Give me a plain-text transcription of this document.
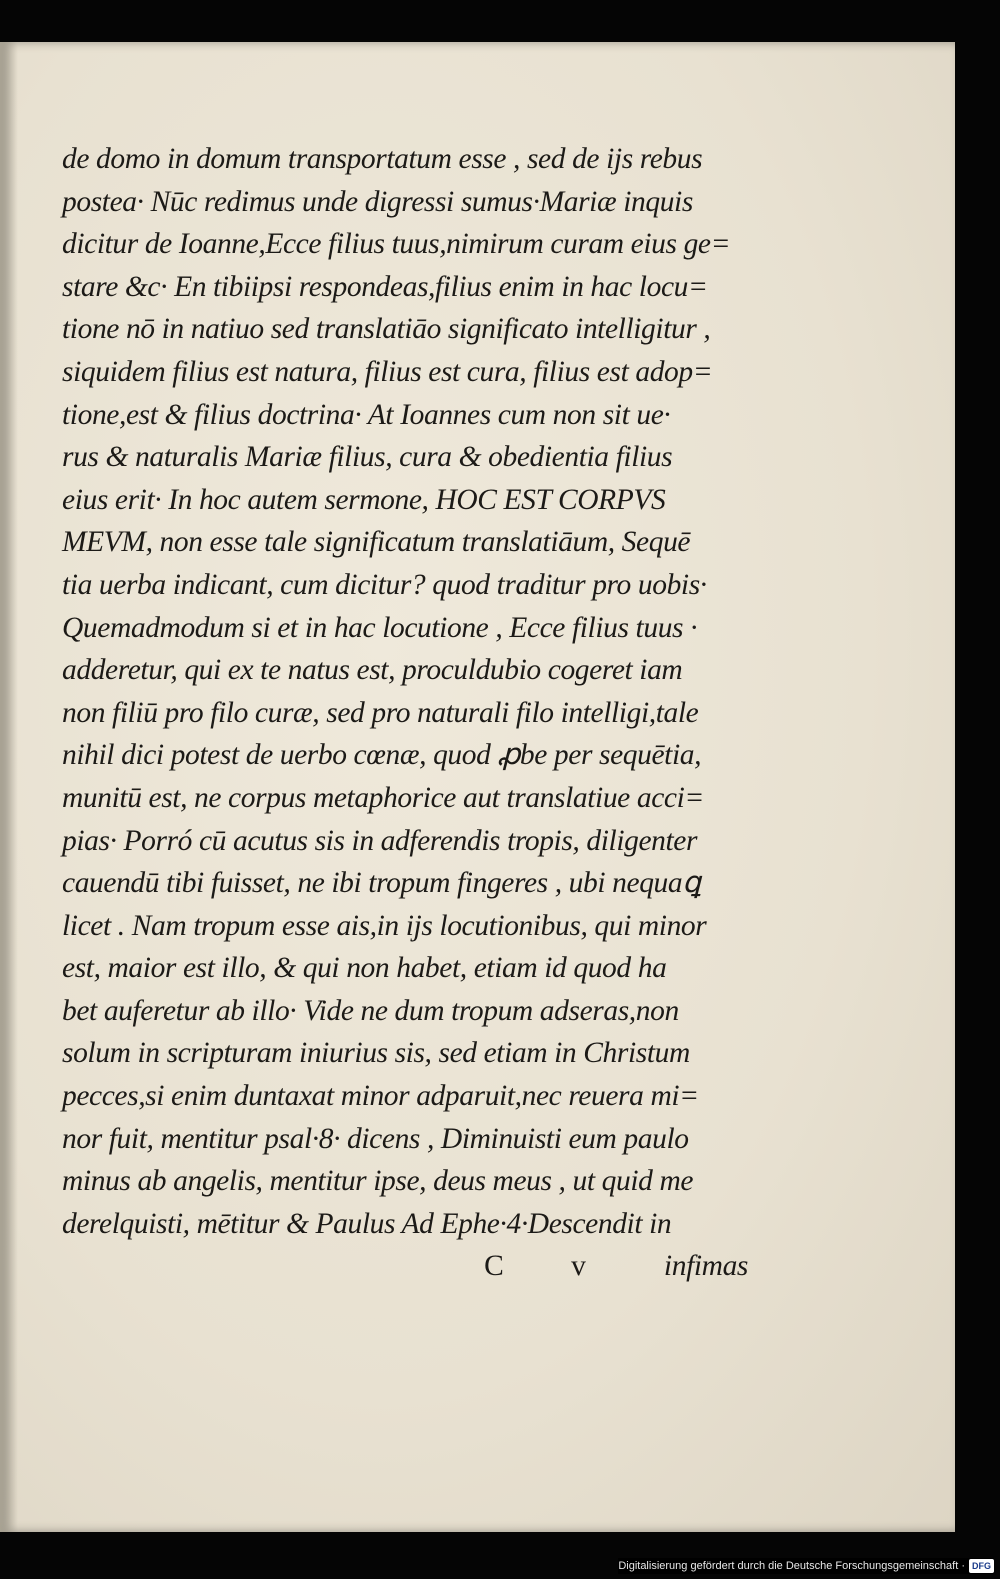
de domo in domum transportatum esse , sed de ijs rebus
postea· Nūc redimus unde digressi sumus·Mariæ inquis
dicitur de Ioanne,Ecce filius tuus,nimirum curam eius ge=
stare &c· En tibiipsi respondeas,filius enim in hac locu=
tione nō in natiuo sed translatiāo significato intelligitur ,
siquidem filius est natura, filius est cura, filius est adop=
tione,est & filius doctrina· At Ioannes cum non sit ue·
rus & naturalis Mariæ filius, cura & obedientia filius
eius erit· In hoc autem sermone, HOC EST CORPVS
MEVM, non esse tale significatum translatiāum, Sequē
tia uerba indicant, cum dicitur? quod traditur pro uobis·
Quemadmodum si et in hac locutione , Ecce filius tuus ·
adderetur, qui ex te natus est, proculdubio cogeret iam
non filiū pro filo curæ, sed pro naturali filo intelligi,tale
nihil dici potest de uerbo cœnæ, quod ꝓbe per sequētia,
munitū est, ne corpus metaphorice aut translatiue acci=
pias· Porró cū acutus sis in adferendis tropis, diligenter
cauendū tibi fuisset, ne ibi tropum fingeres , ubi nequaꝗ
licet . Nam tropum esse ais,in ijs locutionibus, qui minor
est, maior est illo, & qui non habet, etiam id quod ha
bet auferetur ab illo· Vide ne dum tropum adseras,non
solum in scripturam iniurius sis, sed etiam in Christum
pecces,si enim duntaxat minor adparuit,nec reuera mi=
nor fuit, mentitur psal·8· dicens , Diminuisti eum paulo
minus ab angelis, mentitur ipse, deus meus , ut quid me
derelquisti, mētitur & Paulus Ad Ephe·4·Descendit in
C v infimas
Digitalisierung gefördert durch die Deutsche Forschungsgemeinschaft · DFG
